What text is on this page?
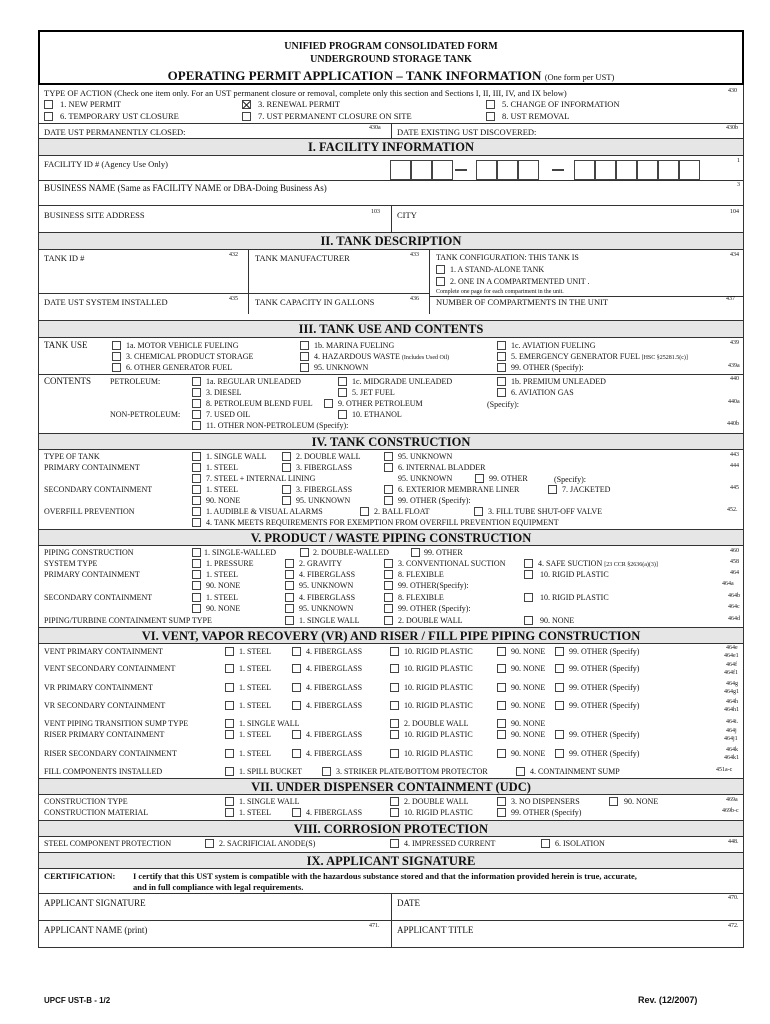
UNIFIED PROGRAM CONSOLIDATED FORM
UNDERGROUND STORAGE TANK
OPERATING PERMIT APPLICATION – TANK INFORMATION (One form per UST)
TYPE OF ACTION (Check one item only. For an UST permanent closure or removal, complete only this section and Sections I, II, III, IV, and IX below)	430
1. NEW PERMIT	3. RENEWAL PERMIT	5. CHANGE OF INFORMATION
6. TEMPORARY UST CLOSURE	7. UST PERMANENT CLOSURE ON SITE	8. UST REMOVAL
DATE UST PERMANENTLY CLOSED:	430a DATE EXISTING UST DISCOVERED:	430b
I. FACILITY INFORMATION
FACILITY ID # (Agency Use Only)	1
BUSINESS NAME (Same as FACILITY NAME or DBA-Doing Business As)	3
BUSINESS SITE ADDRESS	103 CITY	104
II. TANK DESCRIPTION
TANK ID #	432 TANK MANUFACTURER	433 TANK CONFIGURATION: THIS TANK IS	434
1. A STAND-ALONE TANK
2. ONE IN A COMPARTMENTED UNIT .
Complete one page for each compartment in the unit.
DATE UST SYSTEM INSTALLED	435 TANK CAPACITY IN GALLONS	436 NUMBER OF COMPARTMENTS IN THE UNIT	437
III. TANK USE AND CONTENTS
TANK USE	1a. MOTOR VEHICLE FUELING	1b. MARINA FUELING	1c. AVIATION FUELING	439
3. CHEMICAL PRODUCT STORAGE	4. HAZARDOUS WASTE (Includes Used Oil)	5. EMERGENCY GENERATOR FUEL [HSC §25281.5(c)]
6. OTHER GENERATOR FUEL	95. UNKNOWN	99. OTHER (Specify):	439a
CONTENTS PETROLEUM:	1a. REGULAR UNLEADED	1c. MIDGRADE UNLEADED	1b. PREMIUM UNLEADED	440
3. DIESEL	5. JET FUEL	6. AVIATION GAS
8. PETROLEUM BLEND FUEL	9. OTHER PETROLEUM	(Specify):	440a
NON-PETROLEUM:	7. USED OIL	10. ETHANOL
11. OTHER NON-PETROLEUM (Specify):	440b
IV. TANK CONSTRUCTION
TYPE OF TANK	1. SINGLE WALL	2. DOUBLE WALL	95. UNKNOWN	443
PRIMARY CONTAINMENT	1. STEEL	3. FIBERGLASS	6. INTERNAL BLADDER	444
7. STEEL + INTERNAL LINING	95. UNKNOWN	99. OTHER	(Specify):
SECONDARY CONTAINMENT	1. STEEL	3. FIBERGLASS	6. EXTERIOR MEMBRANE LINER	7. JACKETED	445
90. NONE	95. UNKNOWN	99. OTHER (Specify):
OVERFILL PREVENTION	1. AUDIBLE & VISUAL ALARMS	2. BALL FLOAT	3. FILL TUBE SHUT-OFF VALVE	452.
4. TANK MEETS REQUIREMENTS FOR EXEMPTION FROM OVERFILL PREVENTION EQUIPMENT
V. PRODUCT / WASTE PIPING CONSTRUCTION
PIPING CONSTRUCTION	1. SINGLE-WALLED	2. DOUBLE-WALLED	99. OTHER	460
SYSTEM TYPE	1. PRESSURE	2. GRAVITY	3. CONVENTIONAL SUCTION	4. SAFE SUCTION [23 CCR §2636(a)(3)]	458
PRIMARY CONTAINMENT	1. STEEL	4. FIBERGLASS	8. FLEXIBLE	10. RIGID PLASTIC	464
90. NONE	95. UNKNOWN	99. OTHER(Specify):	464a
SECONDARY CONTAINMENT	1. STEEL	4. FIBERGLASS	8. FLEXIBLE	10. RIGID PLASTIC	464b
90. NONE	95. UNKNOWN	99. OTHER (Specify):	464c
PIPING/TURBINE CONTAINMENT SUMP TYPE	1. SINGLE WALL	2. DOUBLE WALL	90. NONE	464d
VI. VENT, VAPOR RECOVERY (VR) AND RISER / FILL PIPE PIPING CONSTRUCTION
VENT PRIMARY CONTAINMENT	1. STEEL	4. FIBERGLASS	10. RIGID PLASTIC	90. NONE	99. OTHER (Specify)	464e
464e1
VENT SECONDARY CONTAINMENT	1. STEEL	4. FIBERGLASS	10. RIGID PLASTIC	90. NONE	99. OTHER (Specify)	464f
464f1
VR PRIMARY CONTAINMENT	1. STEEL	4. FIBERGLASS	10. RIGID PLASTIC	90. NONE	99. OTHER (Specify)	464g
464g1
VR SECONDARY CONTAINMENT	1. STEEL	4. FIBERGLASS	10. RIGID PLASTIC	90. NONE	99. OTHER (Specify)	464h
464h1
VENT PIPING TRANSITION SUMP TYPE	1. SINGLE WALL	2. DOUBLE WALL	90. NONE	464i.
RISER PRIMARY CONTAINMENT	1. STEEL	4. FIBERGLASS	10. RIGID PLASTIC	90. NONE	99. OTHER (Specify)	464j
464j1
RISER SECONDARY CONTAINMENT	1. STEEL	4. FIBERGLASS	10. RIGID PLASTIC	90. NONE	99. OTHER (Specify)	464k
464k1
FILL COMPONENTS INSTALLED	1. SPILL BUCKET	3. STRIKER PLATE/BOTTOM PROTECTOR	4. CONTAINMENT SUMP	451a-c
VII. UNDER DISPENSER CONTAINMENT (UDC)
CONSTRUCTION TYPE	1. SINGLE WALL	2. DOUBLE WALL	3. NO DISPENSERS	90. NONE	469a
CONSTRUCTION MATERIAL	1. STEEL	4. FIBERGLASS	10. RIGID PLASTIC	99. OTHER (Specify)	469b-c
VIII. CORROSION PROTECTION
STEEL COMPONENT PROTECTION	2. SACRIFICIAL ANODE(S)	4. IMPRESSED CURRENT	6. ISOLATION	448.
IX. APPLICANT SIGNATURE
CERTIFICATION: I certify that this UST system is compatible with the hazardous substance stored and that the information provided herein is true, accurate,
and in full compliance with legal requirements.
APPLICANT SIGNATURE	DATE	470.
APPLICANT NAME (print)	471. APPLICANT TITLE	472.
UPCF UST-B - 1/2	Rev. (12/2007)
